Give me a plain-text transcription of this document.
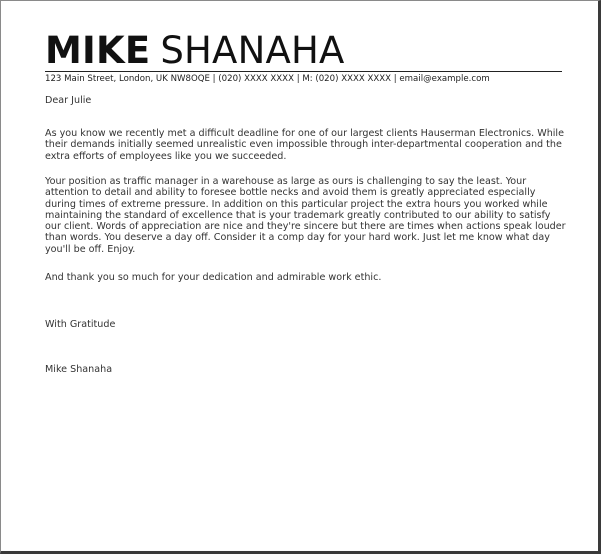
MIKE SHANAHA
123 Main Street, London, UK NW8OQE | (020) XXXX XXXX | M: (020) XXXX XXXX | email@example.com
Dear Julie
As you know we recently met a difficult deadline for one of our largest clients Hauserman Electronics. While their demands initially seemed unrealistic even impossible through inter-departmental cooperation and the extra efforts of employees like you we succeeded.
Your position as traffic manager in a warehouse as large as ours is challenging to say the least. Your attention to detail and ability to foresee bottle necks and avoid them is greatly appreciated especially during times of extreme pressure. In addition on this particular project the extra hours you worked while maintaining the standard of excellence that is your trademark greatly contributed to our ability to satisfy our client. Words of appreciation are nice and they're sincere but there are times when actions speak louder than words. You deserve a day off. Consider it a comp day for your hard work. Just let me know what day you'll be off. Enjoy.
And thank you so much for your dedication and admirable work ethic.
With Gratitude
Mike Shanaha
